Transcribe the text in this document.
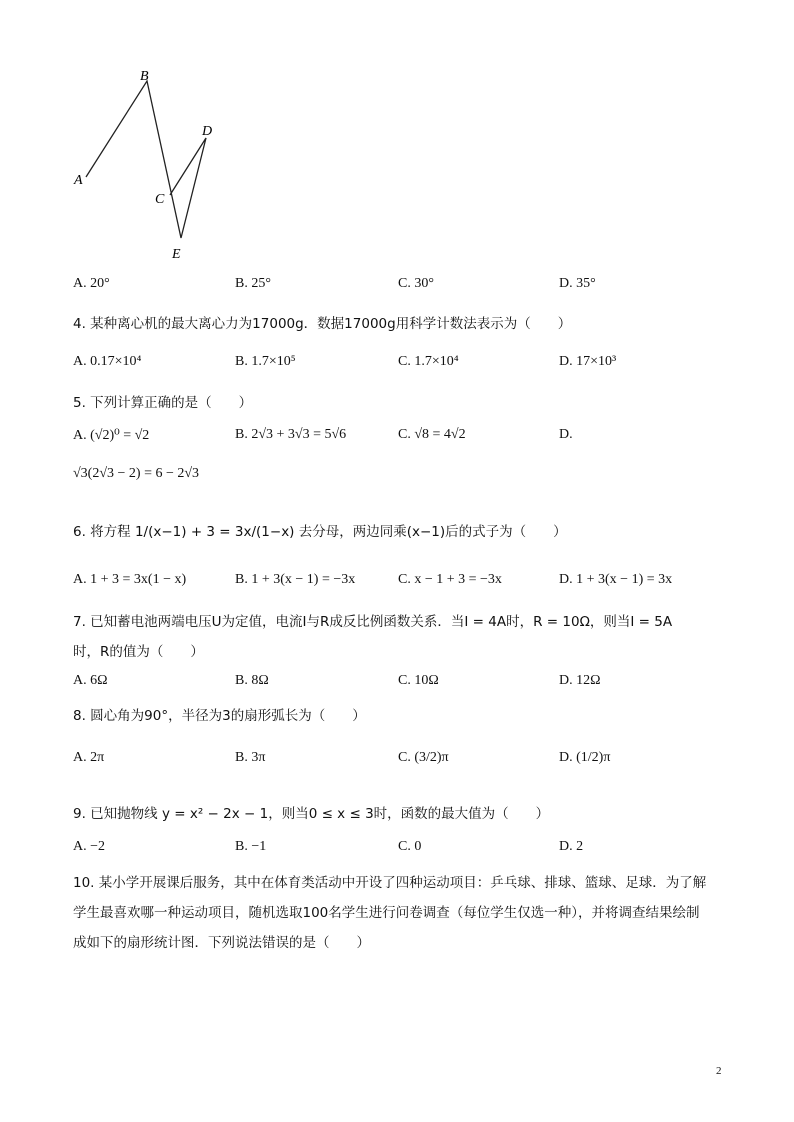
A
B
C
D
E
A. 20°	B. 25°	C. 30°	D. 35°
4. 某种离心机的最大离心力为17000g．数据17000g用科学计数法表示为（　　）
A. 0.17×10⁴	B. 1.7×10⁵	C. 1.7×10⁴	D. 17×10³
5. 下列计算正确的是（　　）
A. (√2)⁰ = √2	B. 2√3 + 3√3 = 5√6	C. √8 = 4√2	D.
√3(2√3 − 2) = 6 − 2√3
6. 将方程 1/(x−1) + 3 = 3x/(1−x) 去分母，两边同乘(x−1)后的式子为（　　）
A. 1 + 3 = 3x(1 − x)	B. 1 + 3(x − 1) = −3x	C. x − 1 + 3 = −3x	D. 1 + 3(x − 1) = 3x
7. 已知蓄电池两端电压U为定值，电流I与R成反比例函数关系．当I = 4A时，R = 10Ω，则当I = 5A
时，R的值为（　　）
A. 6Ω	B. 8Ω	C. 10Ω	D. 12Ω
8. 圆心角为90°，半径为3的扇形弧长为（　　）
A. 2π	B. 3π	C. (3/2)π	D. (1/2)π
9. 已知抛物线 y = x² − 2x − 1，则当0 ≤ x ≤ 3时，函数的最大值为（　　）
A. −2	B. −1	C. 0	D. 2
10. 某小学开展课后服务，其中在体育类活动中开设了四种运动项目：乒乓球、排球、篮球、足球．为了解
学生最喜欢哪一种运动项目，随机选取100名学生进行问卷调查（每位学生仅选一种），并将调查结果绘制
成如下的扇形统计图．下列说法错误的是（　　）
2
